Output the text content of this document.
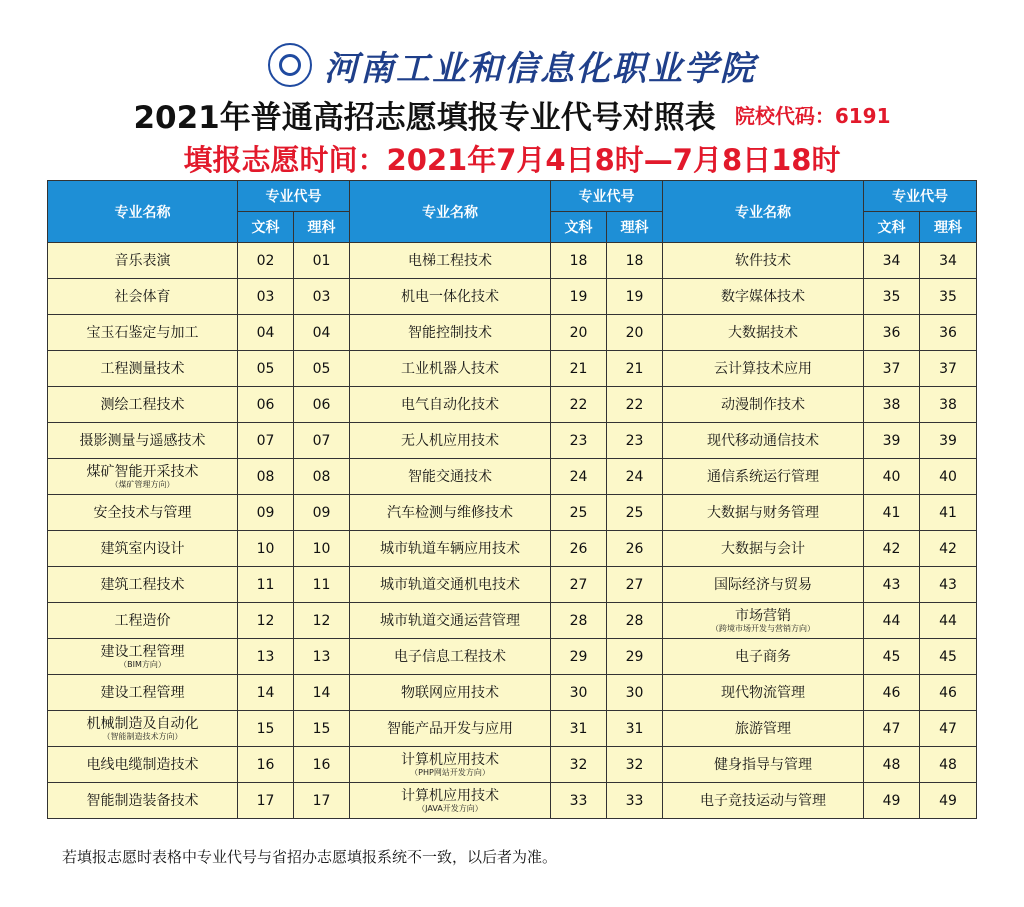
河南工业和信息化职业学院
2021年普通高招志愿填报专业代号对照表 院校代码：6191
填报志愿时间：2021年7月4日8时—7月8日18时
专业名称	专业代号		专业名称	专业代号		专业名称	专业代号	
	文科	理科		文科	理科		文科	理科

音乐表演	02	01	电梯工程技术	18	18	软件技术	34	34

社会体育	03	03	机电一体化技术	19	19	数字媒体技术	35	35

宝玉石鉴定与加工	04	04	智能控制技术	20	20	大数据技术	36	36

工程测量技术	05	05	工业机器人技术	21	21	云计算技术应用	37	37

测绘工程技术	06	06	电气自动化技术	22	22	动漫制作技术	38	38

摄影测量与遥感技术	07	07	无人机应用技术	23	23	现代移动通信技术	39	39

煤矿智能开采技术
（煤矿管理方向）	08	08	智能交通技术	24	24	通信系统运行管理	40	40

安全技术与管理	09	09	汽车检测与维修技术	25	25	大数据与财务管理	41	41

建筑室内设计	10	10	城市轨道车辆应用技术	26	26	大数据与会计	42	42

建筑工程技术	11	11	城市轨道交通机电技术	27	27	国际经济与贸易	43	43

工程造价	12	12	城市轨道交通运营管理	28	28	市场营销
（跨境市场开发与营销方向）	44	44

建设工程管理
（BIM方向）	13	13	电子信息工程技术	29	29	电子商务	45	45

建设工程管理	14	14	物联网应用技术	30	30	现代物流管理	46	46

机械制造及自动化
（智能制造技术方向）	15	15	智能产品开发与应用	31	31	旅游管理	47	47

电线电缆制造技术	16	16	计算机应用技术
（PHP网站开发方向）	32	32	健身指导与管理	48	48

智能制造装备技术	17	17	计算机应用技术
（JAVA开发方向）	33	33	电子竞技运动与管理	49	49
若填报志愿时表格中专业代号与省招办志愿填报系统不一致，以后者为准。
